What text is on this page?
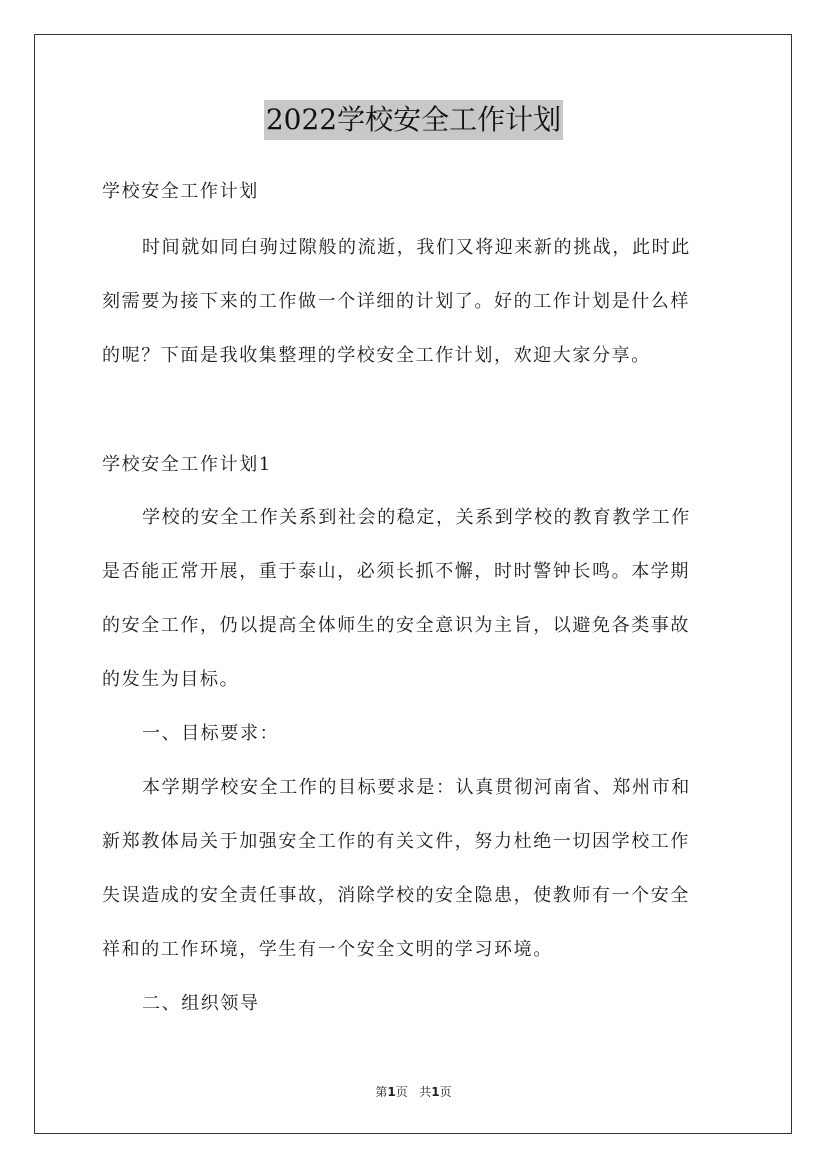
2022学校安全工作计划
学校安全工作计划
时间就如同白驹过隙般的流逝，我们又将迎来新的挑战，此时此
刻需要为接下来的工作做一个详细的计划了。好的工作计划是什么样
的呢？下面是我收集整理的学校安全工作计划，欢迎大家分享。
学校安全工作计划1
学校的安全工作关系到社会的稳定，关系到学校的教育教学工作
是否能正常开展，重于泰山，必须长抓不懈，时时警钟长鸣。本学期
的安全工作，仍以提高全体师生的安全意识为主旨，以避免各类事故
的发生为目标。
一、目标要求：
本学期学校安全工作的目标要求是：认真贯彻河南省、郑州市和
新郑教体局关于加强安全工作的有关文件，努力杜绝一切因学校工作
失误造成的安全责任事故，消除学校的安全隐患，使教师有一个安全
祥和的工作环境，学生有一个安全文明的学习环境。
二、组织领导
第1页 共1页
